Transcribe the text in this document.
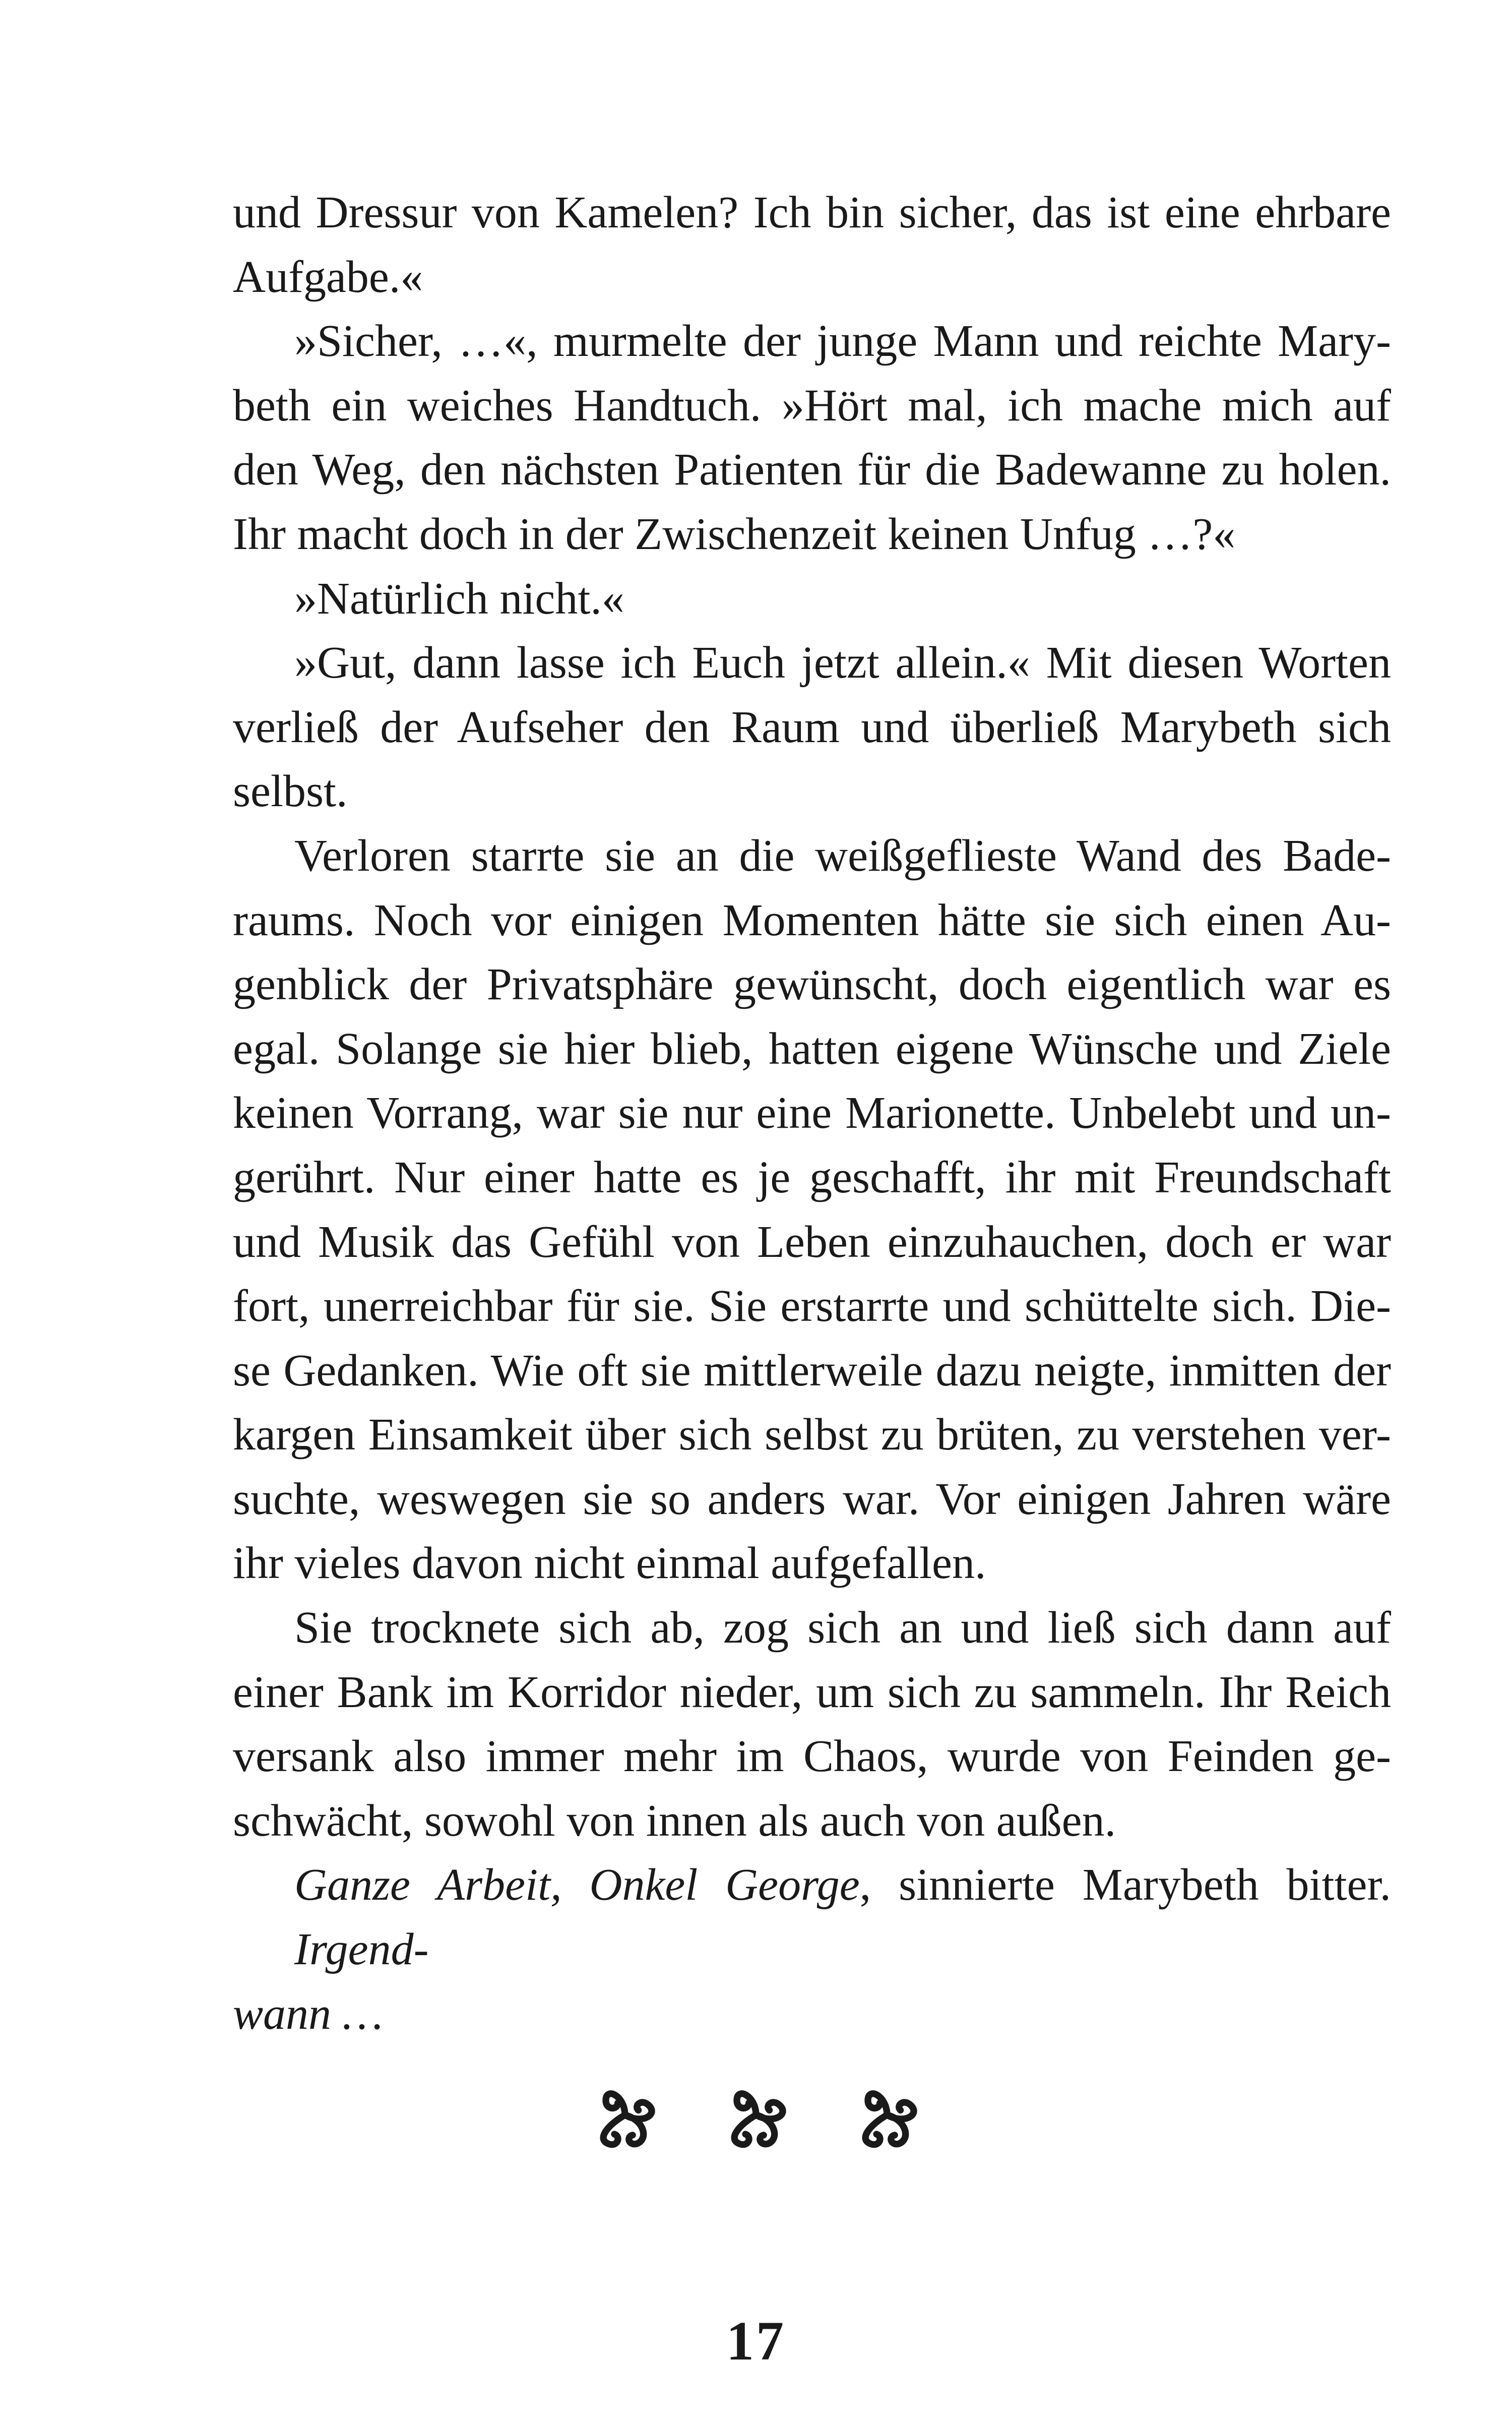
und Dressur von Kamelen? Ich bin sicher, das ist eine ehrbare
Aufgabe.«
»Sicher, …«, murmelte der junge Mann und reichte Mary-
beth ein weiches Handtuch. »Hört mal, ich mache mich auf
den Weg, den nächsten Patienten für die Badewanne zu holen.
Ihr macht doch in der Zwischenzeit keinen Unfug …?«
»Natürlich nicht.«
»Gut, dann lasse ich Euch jetzt allein.« Mit diesen Worten
verließ der Aufseher den Raum und überließ Marybeth sich
selbst.
Verloren starrte sie an die weißgeflieste Wand des Bade-
raums. Noch vor einigen Momenten hätte sie sich einen Au-
genblick der Privatsphäre gewünscht, doch eigentlich war es
egal. Solange sie hier blieb, hatten eigene Wünsche und Ziele
keinen Vorrang, war sie nur eine Marionette. Unbelebt und un-
gerührt. Nur einer hatte es je geschafft, ihr mit Freundschaft
und Musik das Gefühl von Leben einzuhauchen, doch er war
fort, unerreichbar für sie. Sie erstarrte und schüttelte sich. Die-
se Gedanken. Wie oft sie mittlerweile dazu neigte, inmitten der
kargen Einsamkeit über sich selbst zu brüten, zu verstehen ver-
suchte, weswegen sie so anders war. Vor einigen Jahren wäre
ihr vieles davon nicht einmal aufgefallen.
Sie trocknete sich ab, zog sich an und ließ sich dann auf
einer Bank im Korridor nieder, um sich zu sammeln. Ihr Reich
versank also immer mehr im Chaos, wurde von Feinden ge-
schwächt, sowohl von innen als auch von außen.
Ganze Arbeit, Onkel George, sinnierte Marybeth bitter. Irgend-
wann …
17
